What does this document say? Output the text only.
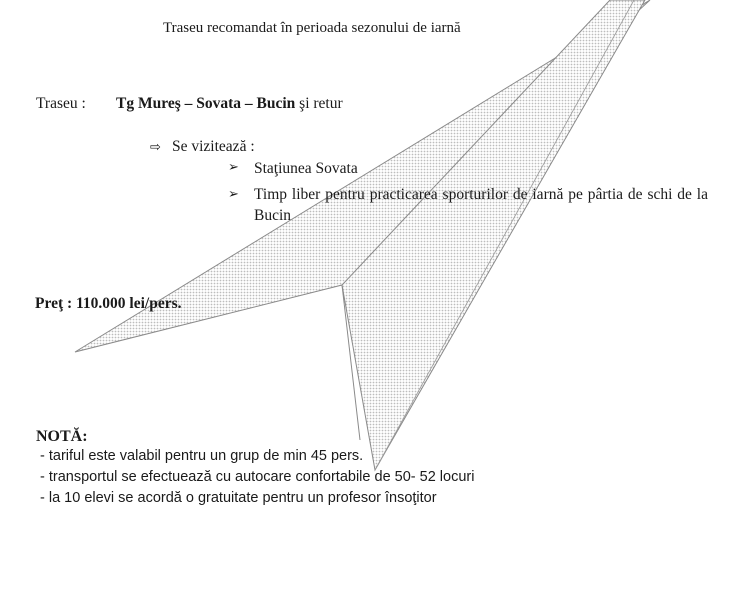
Traseu recomandat în perioada sezonului de iarnă
Traseu : Tg Mureş – Sovata – Bucin şi retur
⇨ Se vizitează :
➢ Staţiunea Sovata
➢ Timp liber pentru practicarea sporturilor de iarnă pe pârtia de schi de la Bucin
Preţ : 110.000 lei/pers.
NOTĂ:
- tariful este valabil pentru un grup de min 45 pers.
- transportul se efectuează cu autocare confortabile de 50- 52 locuri
- la 10 elevi se acordă o gratuitate pentru un profesor însoţitor
